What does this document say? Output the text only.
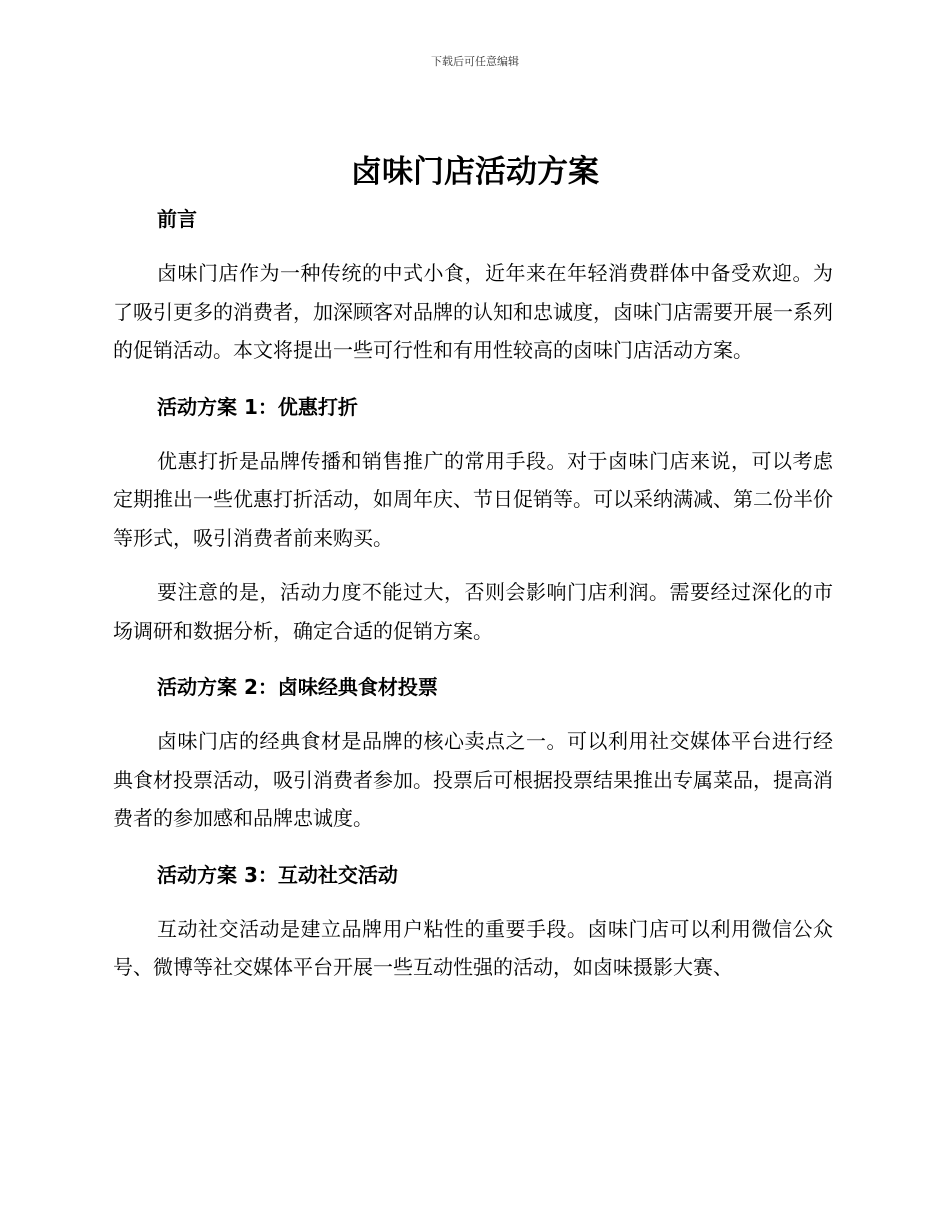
下载后可任意编辑
卤味门店活动方案
前言

卤味门店作为一种传统的中式小食，近年来在年轻消费群体中备受欢迎。为了吸引更多的消费者，加深顾客对品牌的认知和忠诚度，卤味门店需要开展一系列的促销活动。本文将提出一些可行性和有用性较高的卤味门店活动方案。

活动方案 1：优惠打折

优惠打折是品牌传播和销售推广的常用手段。对于卤味门店来说，可以考虑定期推出一些优惠打折活动，如周年庆、节日促销等。可以采纳满减、第二份半价等形式，吸引消费者前来购买。

要注意的是，活动力度不能过大，否则会影响门店利润。需要经过深化的市场调研和数据分析，确定合适的促销方案。

活动方案 2：卤味经典食材投票

卤味门店的经典食材是品牌的核心卖点之一。可以利用社交媒体平台进行经典食材投票活动，吸引消费者参加。投票后可根据投票结果推出专属菜品，提高消费者的参加感和品牌忠诚度。

活动方案 3：互动社交活动

互动社交活动是建立品牌用户粘性的重要手段。卤味门店可以利用微信公众号、微博等社交媒体平台开展一些互动性强的活动，如卤味摄影大赛、
